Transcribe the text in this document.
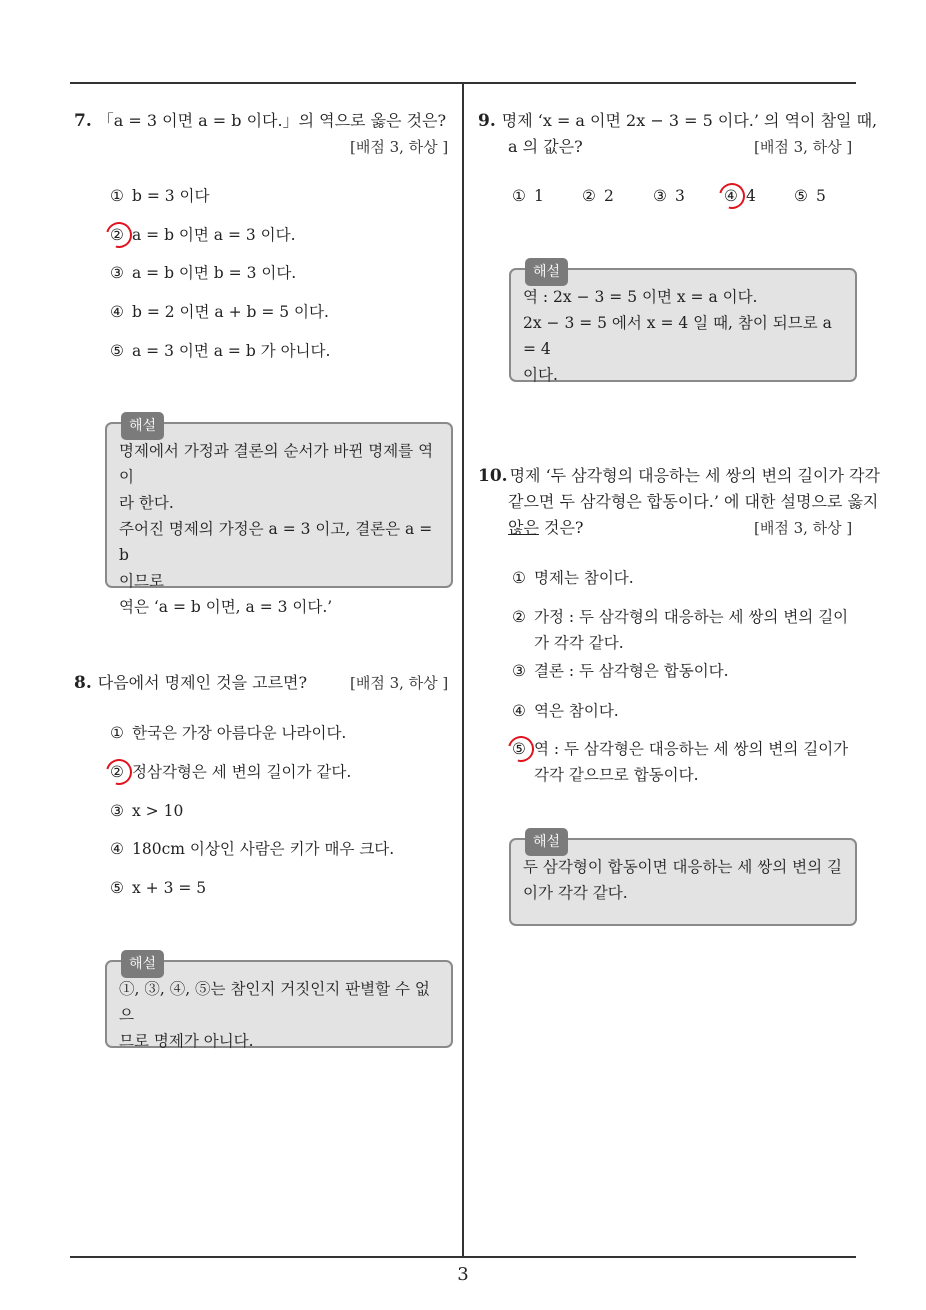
7. 「a = 3 이면 a = b 이다.」의 역으로 옳은 것은?
[배점 3, 하상 ]
① b = 3 이다
② a = b 이면 a = 3 이다.
③ a = b 이면 b = 3 이다.
④ b = 2 이면 a + b = 5 이다.
⑤ a = 3 이면 a = b 가 아니다.
해설
명제에서 가정과 결론의 순서가 바뀐 명제를 역이
라 한다.
주어진 명제의 가정은 a = 3 이고, 결론은 a = b
이므로
역은 ‘a = b 이면, a = 3 이다.’
8. 다음에서 명제인 것을 고르면?	[배점 3, 하상 ]
① 한국은 가장 아름다운 나라이다.
② 정삼각형은 세 변의 길이가 같다.
③ x > 10
④ 180cm 이상인 사람은 키가 매우 크다.
⑤ x + 3 = 5
해설
①, ③, ④, ⑤는 참인지 거짓인지 판별할 수 없으
므로 명제가 아니다.
9. 명제 ‘x = a 이면 2x − 3 = 5 이다.’ 의 역이 참일 때,
a 의 값은?	[배점 3, 하상 ]
① 1 ② 2	③ 3	④ 4 ⑤ 5
해설
역 : 2x − 3 = 5 이면 x = a 이다.
2x − 3 = 5 에서 x = 4 일 때, 참이 되므로 a = 4
이다.
10. 명제 ‘두 삼각형의 대응하는 세 쌍의 변의 길이가 각각
같으면 두 삼각형은 합동이다.’ 에 대한 설명으로 옳지
않은 것은?	[배점 3, 하상 ]
① 명제는 참이다.
② 가정 : 두 삼각형의 대응하는 세 쌍의 변의 길이
가 각각 같다.
③ 결론 : 두 삼각형은 합동이다.
④ 역은 참이다.
⑤ 역 : 두 삼각형은 대응하는 세 쌍의 변의 길이가
각각 같으므로 합동이다.
해설
두 삼각형이 합동이면 대응하는 세 쌍의 변의 길
이가 각각 같다.
3
